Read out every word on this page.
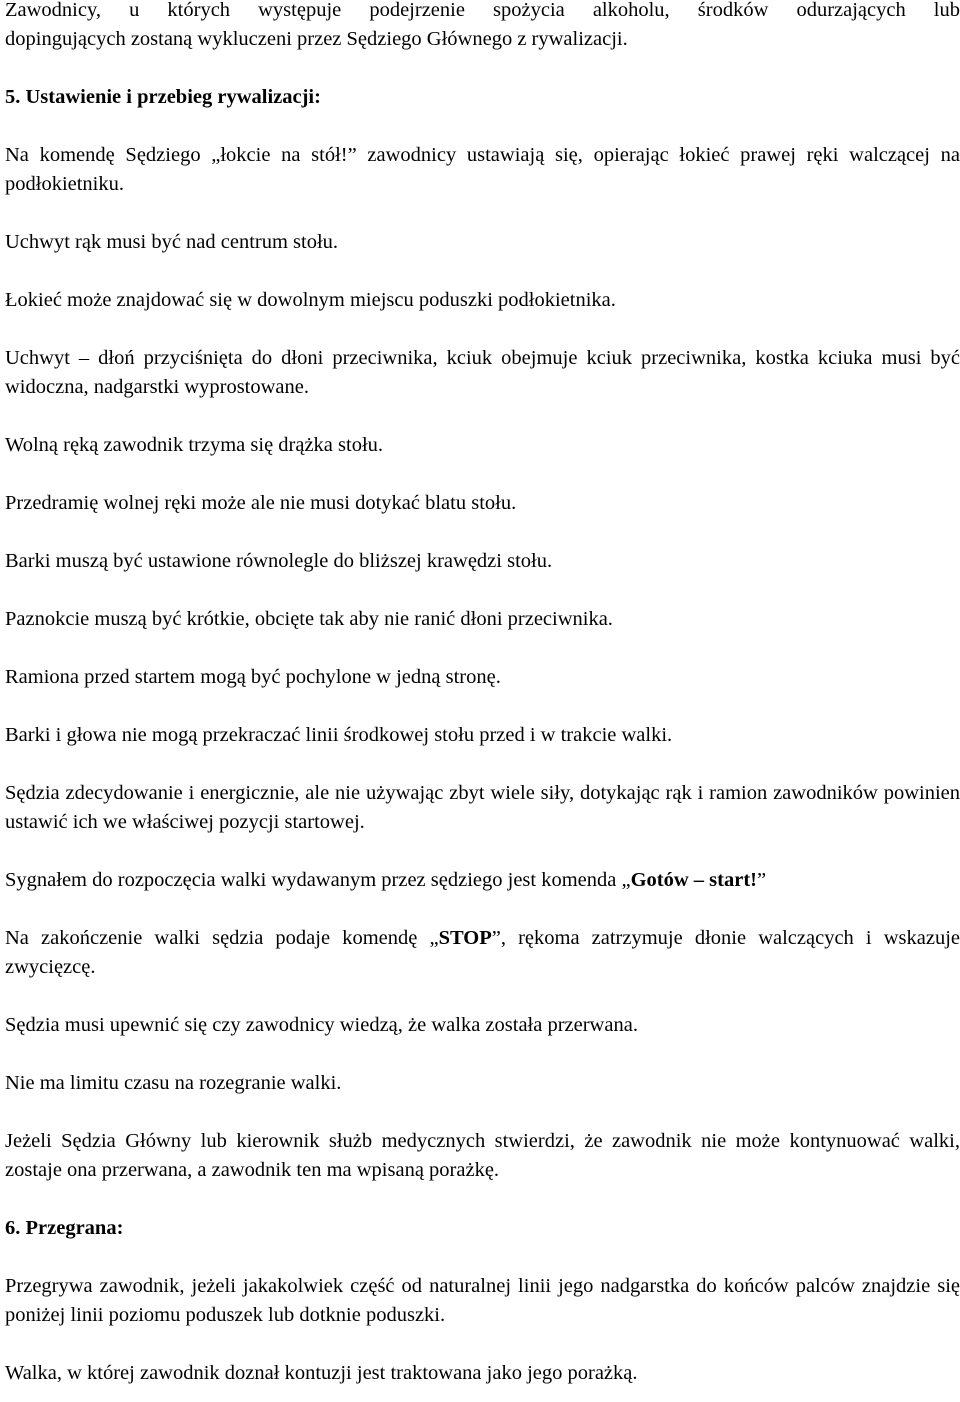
Zawodnicy, u których występuje podejrzenie spożycia alkoholu, środków odurzających lub

dopingujących zostaną wykluczeni przez Sędziego Głównego z rywalizacji.

5. Ustawienie i przebieg rywalizacji:

Na komendę Sędziego „łokcie na stół!” zawodnicy ustawiają się, opierając łokieć prawej ręki walczącej na podłokietniku.

Uchwyt rąk musi być nad centrum stołu.

Łokieć może znajdować się w dowolnym miejscu poduszki podłokietnika.

Uchwyt – dłoń przyciśnięta do dłoni przeciwnika, kciuk obejmuje kciuk przeciwnika, kostka kciuka musi być widoczna, nadgarstki wyprostowane.

Wolną ręką zawodnik trzyma się drążka stołu.

Przedramię wolnej ręki może ale nie musi dotykać blatu stołu.

Barki muszą być ustawione równolegle do bliższej krawędzi stołu.

Paznokcie muszą być krótkie, obcięte tak aby nie ranić dłoni przeciwnika.

Ramiona przed startem mogą być pochylone w jedną stronę.

Barki i głowa nie mogą przekraczać linii środkowej stołu przed i w trakcie walki.

Sędzia zdecydowanie i energicznie, ale nie używając zbyt wiele siły, dotykając rąk i ramion zawodników powinien ustawić ich we właściwej pozycji startowej.

Sygnałem do rozpoczęcia walki wydawanym przez sędziego jest komenda „Gotów – start!”

Na zakończenie walki sędzia podaje komendę „STOP”, rękoma zatrzymuje dłonie walczących i wskazuje zwycięzcę.

Sędzia musi upewnić się czy zawodnicy wiedzą, że walka została przerwana.

Nie ma limitu czasu na rozegranie walki.

Jeżeli Sędzia Główny lub kierownik służb medycznych stwierdzi, że zawodnik nie może kontynuować walki, zostaje ona przerwana, a zawodnik ten ma wpisaną porażkę.

6. Przegrana:

Przegrywa zawodnik, jeżeli jakakolwiek część od naturalnej linii jego nadgarstka do końców palców znajdzie się poniżej linii poziomu poduszek lub dotknie poduszki.

Walka, w której zawodnik doznał kontuzji jest traktowana jako jego porażką.
